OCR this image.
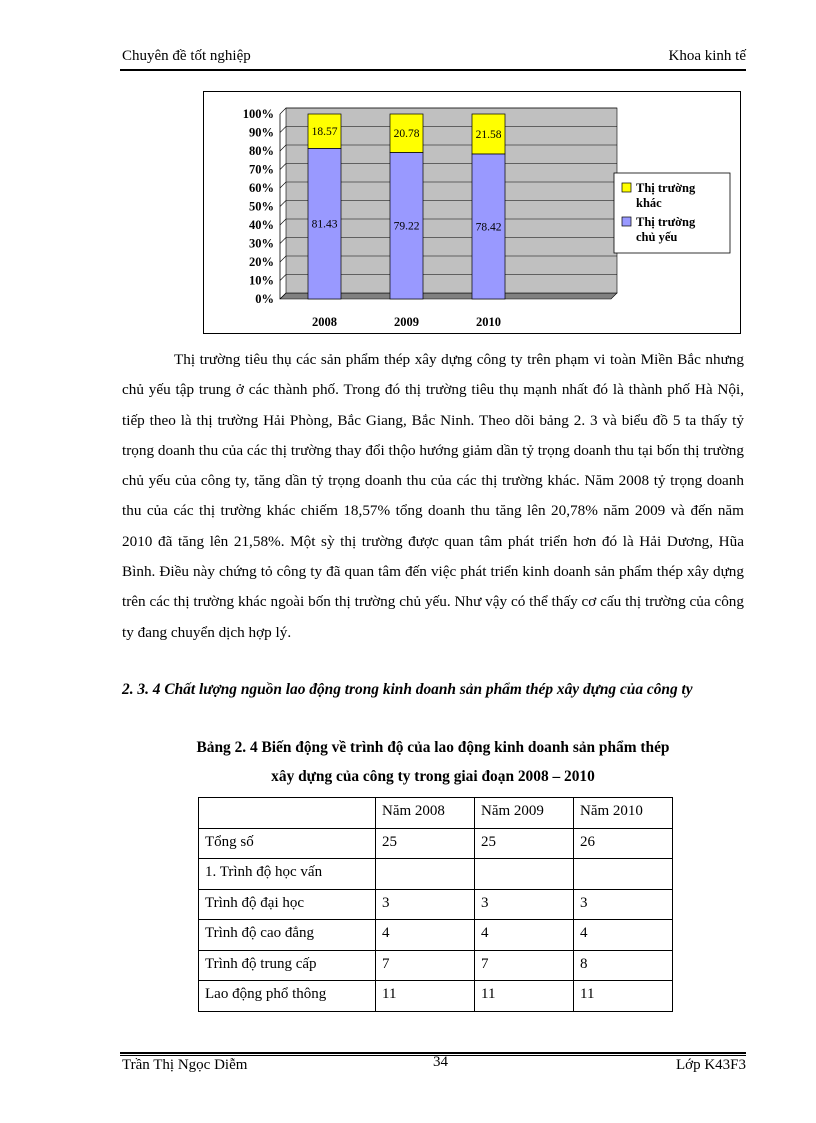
Chuyên đề tốt nghiệp	Khoa kinh tế
0%
10%
20%
30%
40%
50%
60%
70%
80%
90%
100%
2008	2009	2010
81.43
18.57
79.22
20.78
78.42
21.58
Thị trường khác
Thị trường chủ yếu

Thị trường tiêu thụ các sản phẩm thép xây dựng công ty trên phạm vi toàn Miền Bắc nhưng chủ yếu tập trung ở các thành phố. Trong đó thị trường tiêu thụ mạnh nhất đó là thành phố Hà Nội, tiếp theo là thị trường Hải Phòng, Bắc Giang, Bắc Ninh. Theo dõi bảng 2. 3 và biểu đồ 5 ta thấy tỷ trọng doanh thu của các thị trường thay đổi thộo hướng giảm dần tỷ trọng doanh thu tại bốn thị trường chủ yếu của công ty, tăng dần tỷ trọng doanh thu của các thị trường khác. Năm 2008 tỷ trọng doanh thu của các thị trường khác chiếm 18,57% tổng doanh thu tăng lên 20,78% năm 2009 và đến năm 2010 đã tăng lên 21,58%. Một sỳ thị trường được quan tâm phát triển hơn đó là Hải Dương, Hũa Bình. Điều này chứng tỏ công ty đã quan tâm đến việc phát triển kinh doanh sản phẩm thép xây dựng trên các thị trường khác ngoài bốn thị trường chủ yếu. Như vậy có thể thấy cơ cấu thị trường của công ty đang chuyển dịch hợp lý.

2. 3. 4 Chất lượng nguồn lao động trong kinh doanh sản phẩm thép xây dựng của công ty
Bảng 2. 4 Biến động về trình độ của lao động kinh doanh sản phẩm thép
xây dựng của công ty trong giai đoạn 2008 – 2010
	Năm 2008	Năm 2009	Năm 2010
Tổng số	25	25	26
1. Trình độ học vấn			
Trình độ đại học	3	3	3
Trình độ cao đẳng	4	4	4
Trình độ trung cấp	7	7	8
Lao động phổ thông	11	11	11
Trần Thị Ngọc Diễm	34	Lớp K43F3
